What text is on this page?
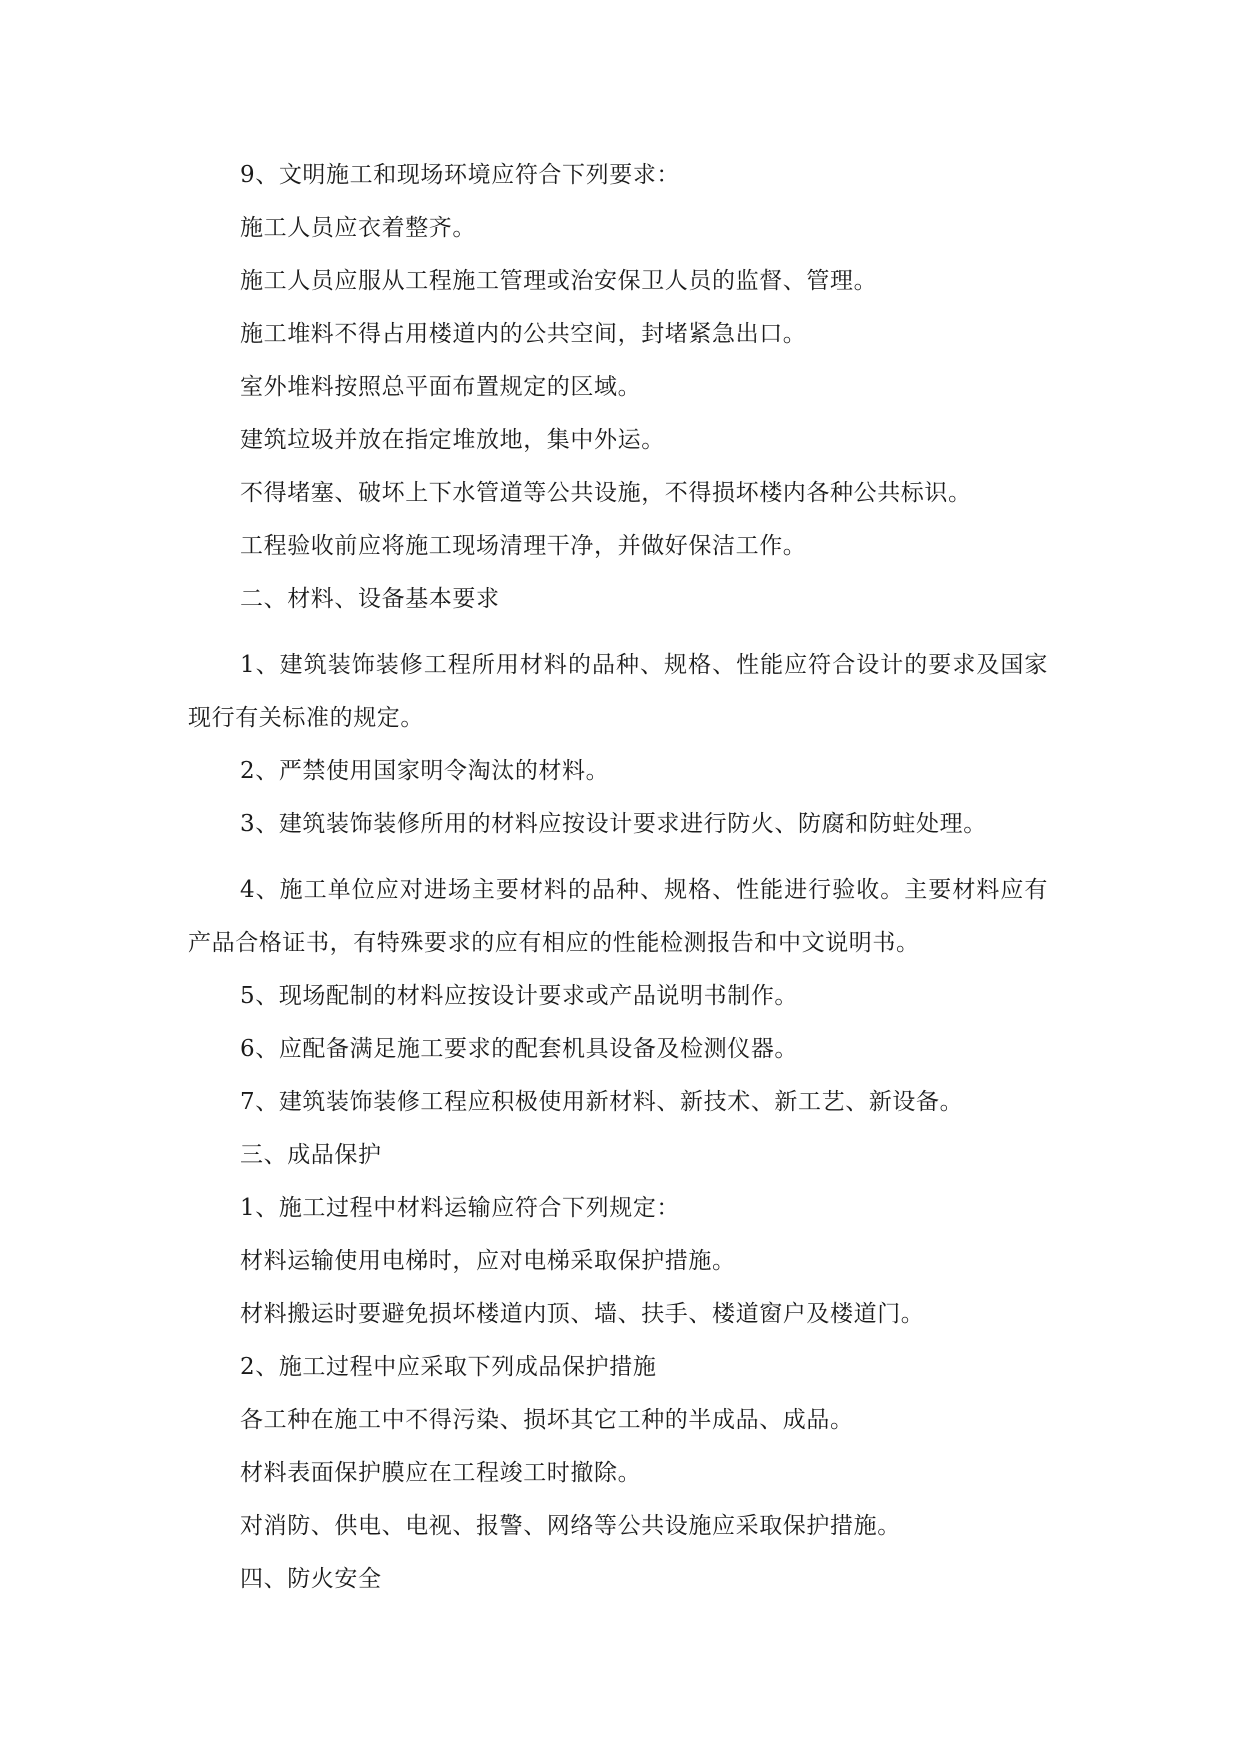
9、文明施工和现场环境应符合下列要求：

施工人员应衣着整齐。

施工人员应服从工程施工管理或治安保卫人员的监督、管理。

施工堆料不得占用楼道内的公共空间，封堵紧急出口。

室外堆料按照总平面布置规定的区域。

建筑垃圾并放在指定堆放地，集中外运。

不得堵塞、破坏上下水管道等公共设施，不得损坏楼内各种公共标识。

工程验收前应将施工现场清理干净，并做好保洁工作。

二、材料、设备基本要求

1、建筑装饰装修工程所用材料的品种、规格、性能应符合设计的要求及国家现行有关标准的规定。

2、严禁使用国家明令淘汰的材料。

3、建筑装饰装修所用的材料应按设计要求进行防火、防腐和防蛀处理。

4、施工单位应对进场主要材料的品种、规格、性能进行验收。主要材料应有产品合格证书，有特殊要求的应有相应的性能检测报告和中文说明书。

5、现场配制的材料应按设计要求或产品说明书制作。

6、应配备满足施工要求的配套机具设备及检测仪器。

7、建筑装饰装修工程应积极使用新材料、新技术、新工艺、新设备。

三、成品保护

1、施工过程中材料运输应符合下列规定：

材料运输使用电梯时，应对电梯采取保护措施。

材料搬运时要避免损坏楼道内顶、墙、扶手、楼道窗户及楼道门。

2、施工过程中应采取下列成品保护措施

各工种在施工中不得污染、损坏其它工种的半成品、成品。

材料表面保护膜应在工程竣工时撤除。

对消防、供电、电视、报警、网络等公共设施应采取保护措施。

四、防火安全
